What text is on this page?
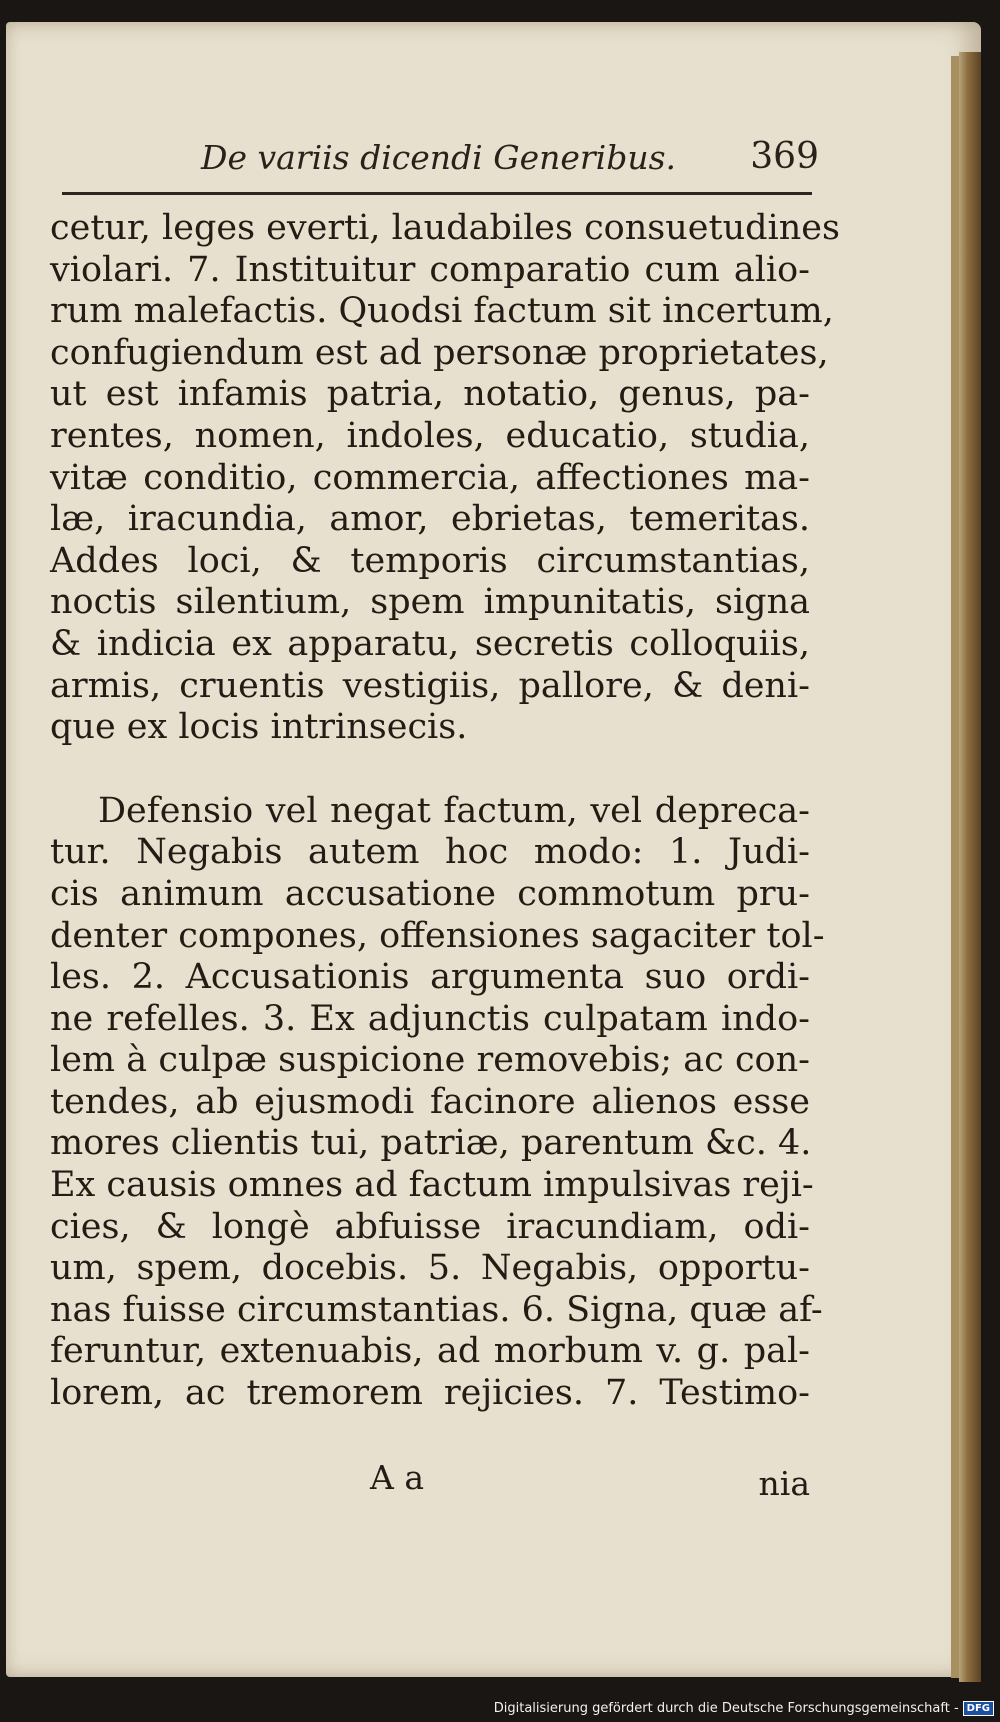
De variis dicendi Generibus. 369
cetur, leges everti, laudabiles consuetudines
violari. 7. Instituitur comparatio cum alio-
rum malefactis. Quodsi factum sit incertum,
confugiendum est ad personæ proprietates,
ut est infamis patria, notatio, genus, pa-
rentes, nomen, indoles, educatio, studia,
vitæ conditio, commercia, affectiones ma-
læ, iracundia, amor, ebrietas, temeritas.
Addes loci, & temporis circumstantias,
noctis silentium, spem impunitatis, signa
& indicia ex apparatu, secretis colloquiis,
armis, cruentis vestigiis, pallore, & deni-
que ex locis intrinsecis.
Defensio vel negat factum, vel depreca-
tur. Negabis autem hoc modo: 1. Judi-
cis animum accusatione commotum pru-
denter compones, offensiones sagaciter tol-
les. 2. Accusationis argumenta suo ordi-
ne refelles. 3. Ex adjunctis culpatam indo-
lem à culpæ suspicione removebis; ac con-
tendes, ab ejusmodi facinore alienos esse
mores clientis tui, patriæ, parentum &c. 4.
Ex causis omnes ad factum impulsivas reji-
cies, & longè abfuisse iracundiam, odi-
um, spem, docebis. 5. Negabis, opportu-
nas fuisse circumstantias. 6. Signa, quæ af-
feruntur, extenuabis, ad morbum v. g. pal-
lorem, ac tremorem rejicies. 7. Testimo-
A a	nia
Digitalisierung gefördert durch die Deutsche Forschungsgemeinschaft - DFG
